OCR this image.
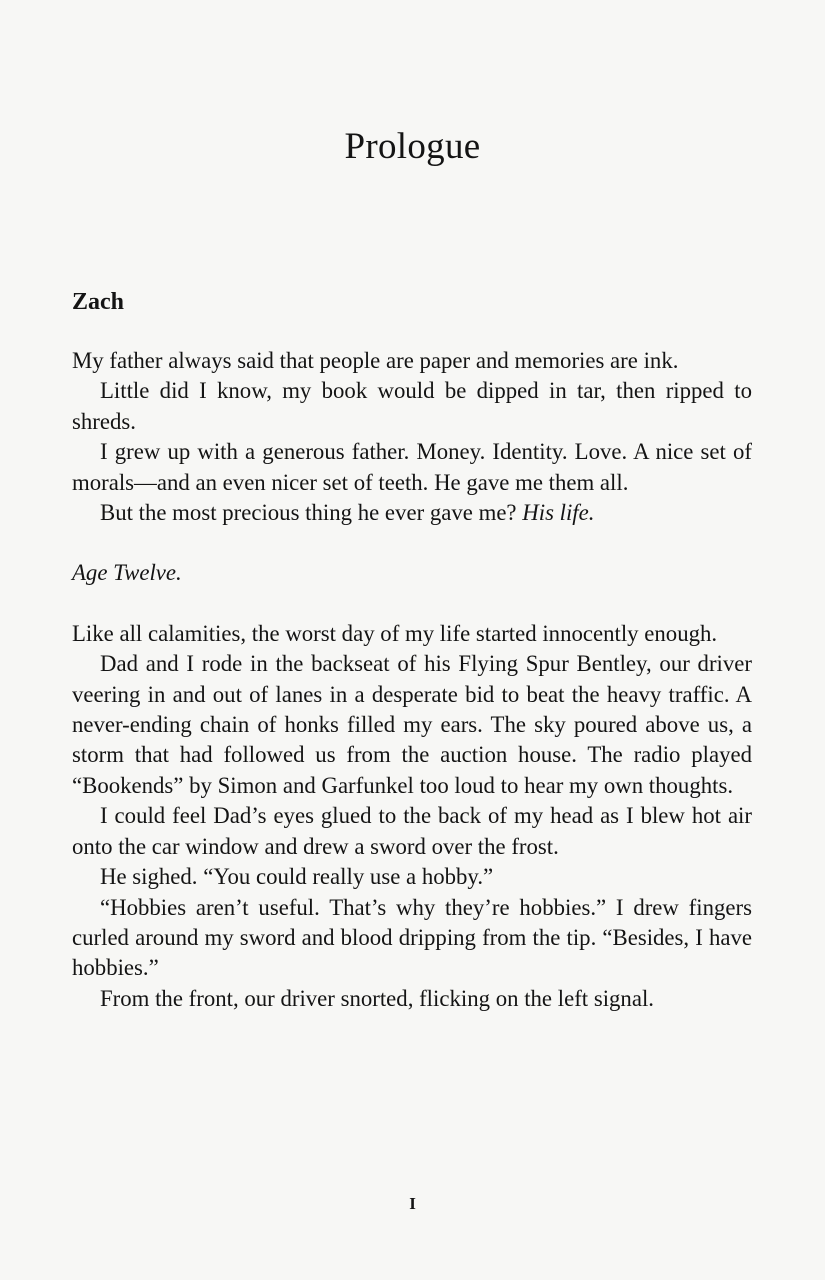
Prologue
Zach

My father always said that people are paper and memories are ink.

Little did I know, my book would be dipped in tar, then ripped to shreds.

I grew up with a generous father. Money. Identity. Love. A nice set of morals—and an even nicer set of teeth. He gave me them all.

But the most precious thing he ever gave me? His life.

Age Twelve.

Like all calamities, the worst day of my life started innocently enough.

Dad and I rode in the backseat of his Flying Spur Bentley, our driver veering in and out of lanes in a desperate bid to beat the heavy traffic. A never-ending chain of honks filled my ears. The sky poured above us, a storm that had followed us from the auction house. The radio played “Bookends” by Simon and Garfunkel too loud to hear my own thoughts.

I could feel Dad’s eyes glued to the back of my head as I blew hot air onto the car window and drew a sword over the frost.

He sighed. “You could really use a hobby.”

“Hobbies aren’t useful. That’s why they’re hobbies.” I drew fingers curled around my sword and blood dripping from the tip. “Besides, I have hobbies.”

From the front, our driver snorted, flicking on the left signal.

I
